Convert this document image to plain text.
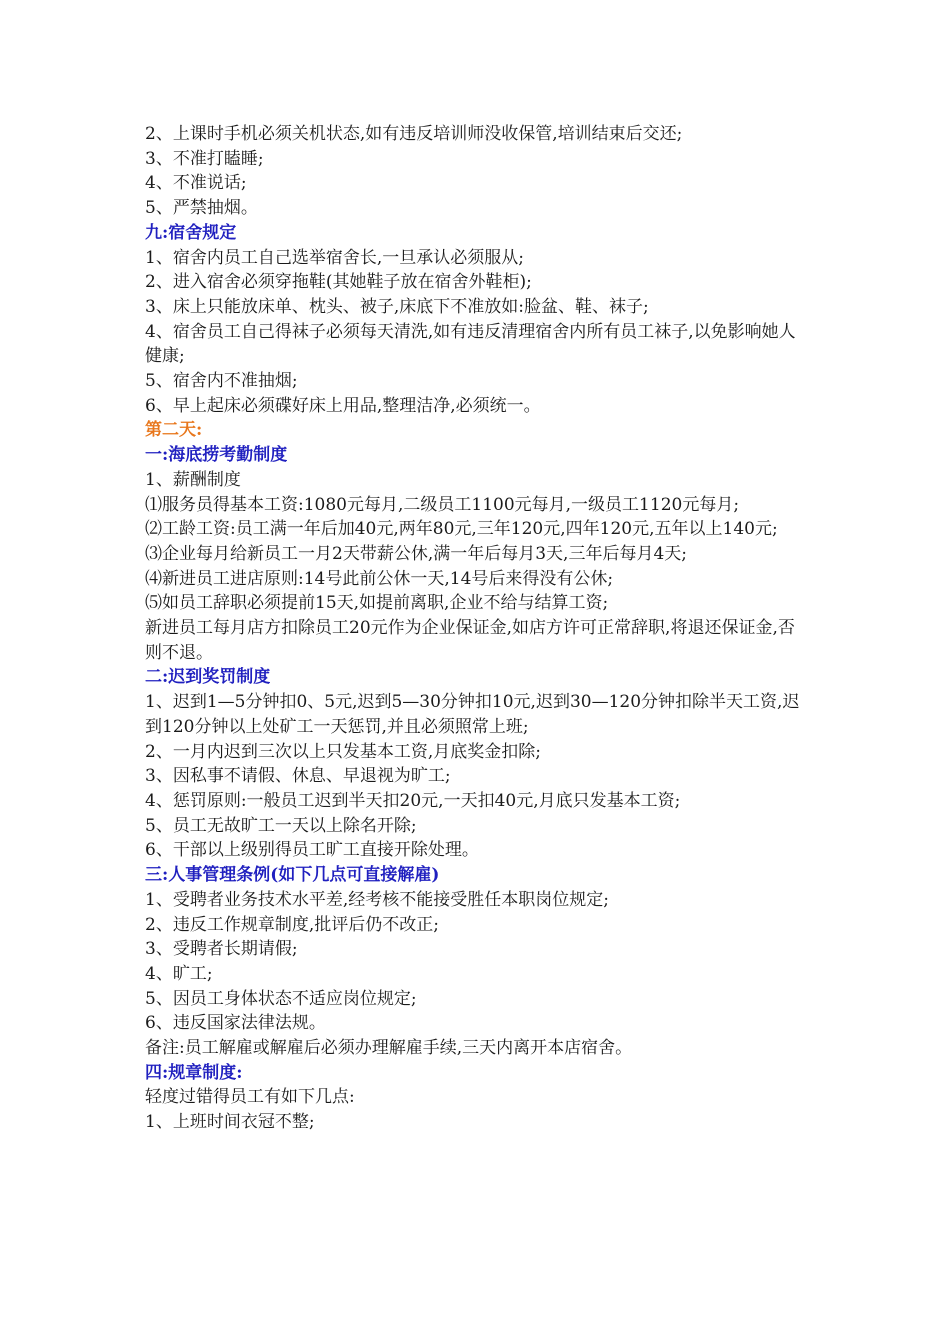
2、上课时手机必须关机状态,如有违反培训师没收保管,培训结束后交还;

3、不准打瞌睡;

4、不准说话;

5、严禁抽烟。

九:宿舍规定

1、宿舍内员工自己选举宿舍长,一旦承认必须服从;

2、进入宿舍必须穿拖鞋(其她鞋子放在宿舍外鞋柜);

3、床上只能放床单、枕头、被子,床底下不准放如:脸盆、鞋、袜子;

4、宿舍员工自己得袜子必须每天清洗,如有违反清理宿舍内所有员工袜子,以免影响她人健康;

5、宿舍内不准抽烟;

6、早上起床必须碟好床上用品,整理洁净,必须统一。

第二天:

一:海底捞考勤制度

1、薪酬制度

⑴服务员得基本工资:1080元每月,二级员工1100元每月,一级员工1120元每月;

⑵工龄工资:员工满一年后加40元,两年80元,三年120元,四年120元,五年以上140元;

⑶企业每月给新员工一月2天带薪公休,满一年后每月3天,三年后每月4天;

⑷新进员工进店原则:14号此前公休一天,14号后来得没有公休;

⑸如员工辞职必须提前15天,如提前离职,企业不给与结算工资;

新进员工每月店方扣除员工20元作为企业保证金,如店方许可正常辞职,将退还保证金,否则不退。

二:迟到奖罚制度

1、迟到1—5分钟扣0、5元,迟到5—30分钟扣10元,迟到30—120分钟扣除半天工资,迟到120分钟以上处矿工一天惩罚,并且必须照常上班;

2、一月内迟到三次以上只发基本工资,月底奖金扣除;

3、因私事不请假、休息、早退视为旷工;

4、惩罚原则:一般员工迟到半天扣20元,一天扣40元,月底只发基本工资;

5、员工无故旷工一天以上除名开除;

6、干部以上级别得员工旷工直接开除处理。

三:人事管理条例(如下几点可直接解雇)

1、受聘者业务技术水平差,经考核不能接受胜任本职岗位规定;

2、违反工作规章制度,批评后仍不改正;

3、受聘者长期请假;

4、旷工;

5、因员工身体状态不适应岗位规定;

6、违反国家法律法规。

备注:员工解雇或解雇后必须办理解雇手续,三天内离开本店宿舍。

四:规章制度:

轻度过错得员工有如下几点:

1、上班时间衣冠不整;
